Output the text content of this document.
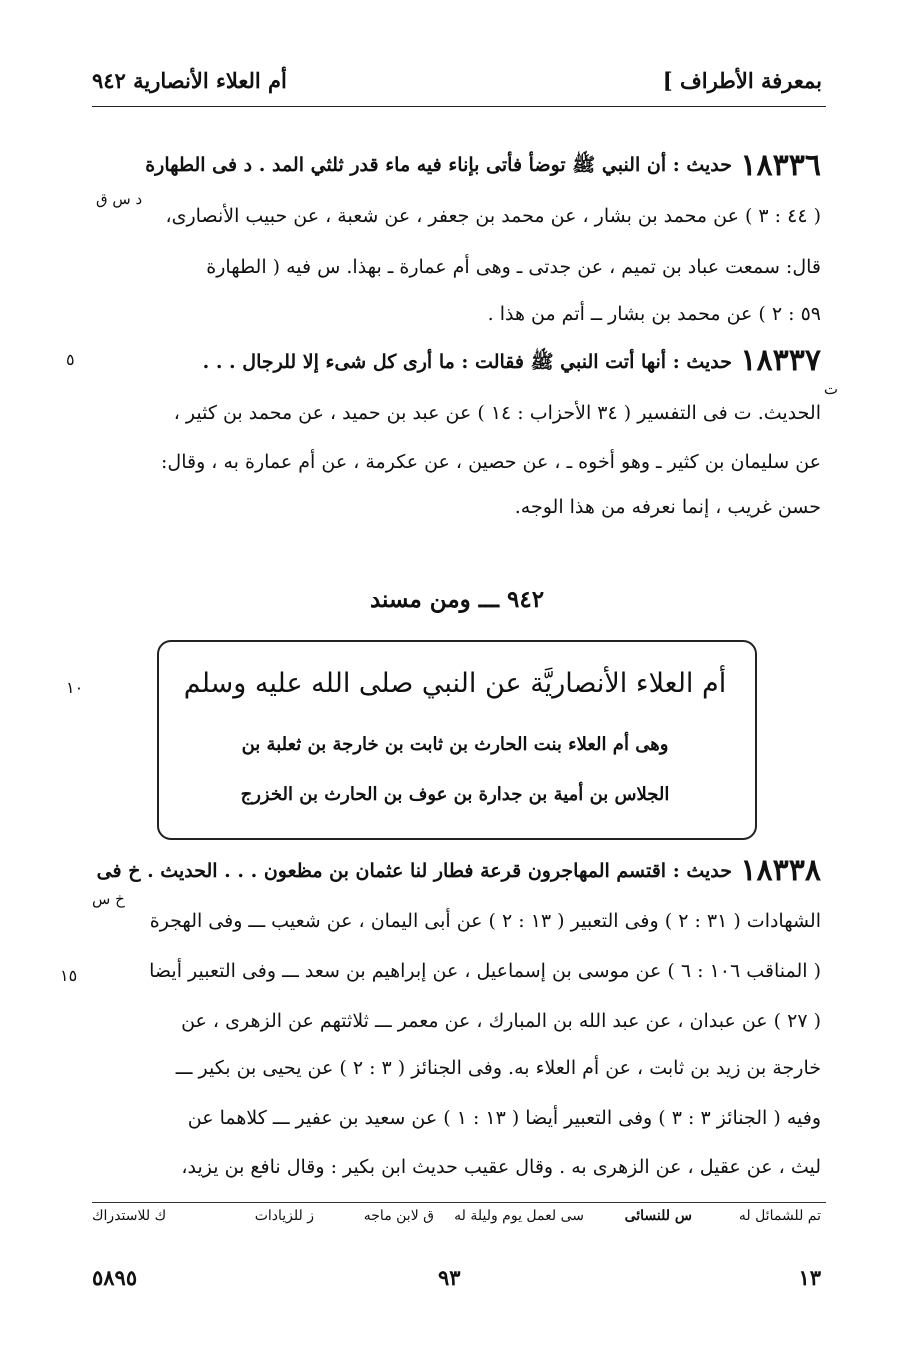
بمعرفة الأطراف ]
أم العلاء الأنصارية ٩٤٢
١٨٣٣٦
حديث : أن النبي ﷺ توضأ فأتى بإناء فيه ماء قدر ثلثي المد . د فى الطهارة
د س ق
( ٤٤ : ٣ ) عن محمد بن بشار ، عن محمد بن جعفر ، عن شعبة ، عن حبيب الأنصارى،
قال: سمعت عباد بن تميم ، عن جدتى ـ وهى أم عمارة ـ بهذا. س فيه ( الطهارة
٥٩ : ٢ ) عن محمد بن بشار ــ أتم من هذا .
١٨٣٣٧
حديث : أنها أتت النبي ﷺ فقالت : ما أرى كل شىء إلا للرجال . . .
٥
ت
الحديث. ت فى التفسير ( ٣٤ الأحزاب : ١٤ ) عن عبد بن حميد ، عن محمد بن كثير ،
عن سليمان بن كثير ـ وهو أخوه ـ ، عن حصين ، عن عكرمة ، عن أم عمارة به ، وقال:
حسن غريب ، إنما نعرفه من هذا الوجه.
٩٤٢ ـــ ومن مسند
١٠	أم العلاء الأنصاريَّة عن النبي صلى الله عليه وسلم
وهى أم العلاء بنت الحارث بن ثابت بن خارجة بن ثعلبة بن
الجلاس بن أمية بن جدارة بن عوف بن الحارث بن الخزرج
١٨٣٣٨
حديث : اقتسم المهاجرون قرعة فطار لنا عثمان بن مظعون . . . الحديث . خ فى
خ س
الشهادات ( ٣١ : ٢ ) وفى التعبير ( ١٣ : ٢ ) عن أبى اليمان ، عن شعيب ـــ وفى الهجرة
( المناقب ١٠٦ : ٦ ) عن موسى بن إسماعيل ، عن إبراهيم بن سعد ـــ وفى التعبير أيضا
١٥
( ٢٧ ) عن عبدان ، عن عبد الله بن المبارك ، عن معمر ـــ ثلاثتهم عن الزهرى ، عن
خارجة بن زيد بن ثابت ، عن أم العلاء به. وفى الجنائز ( ٣ : ٢ ) عن يحيى بن بكير ـــ
وفيه ( الجنائز ٣ : ٣ ) وفى التعبير أيضا ( ١٣ : ١ ) عن سعيد بن عفير ـــ كلاهما عن
ليث ، عن عقيل ، عن الزهرى به . وقال عقيب حديث ابن بكير : وقال نافع بن يزيد،
تم للشمائل له
س للنسائى
سى لعمل يوم وليلة له
ق لابن ماجه
ز للزيادات
ك للاستدراك
١٣
٩٣
٥٨٩٥
